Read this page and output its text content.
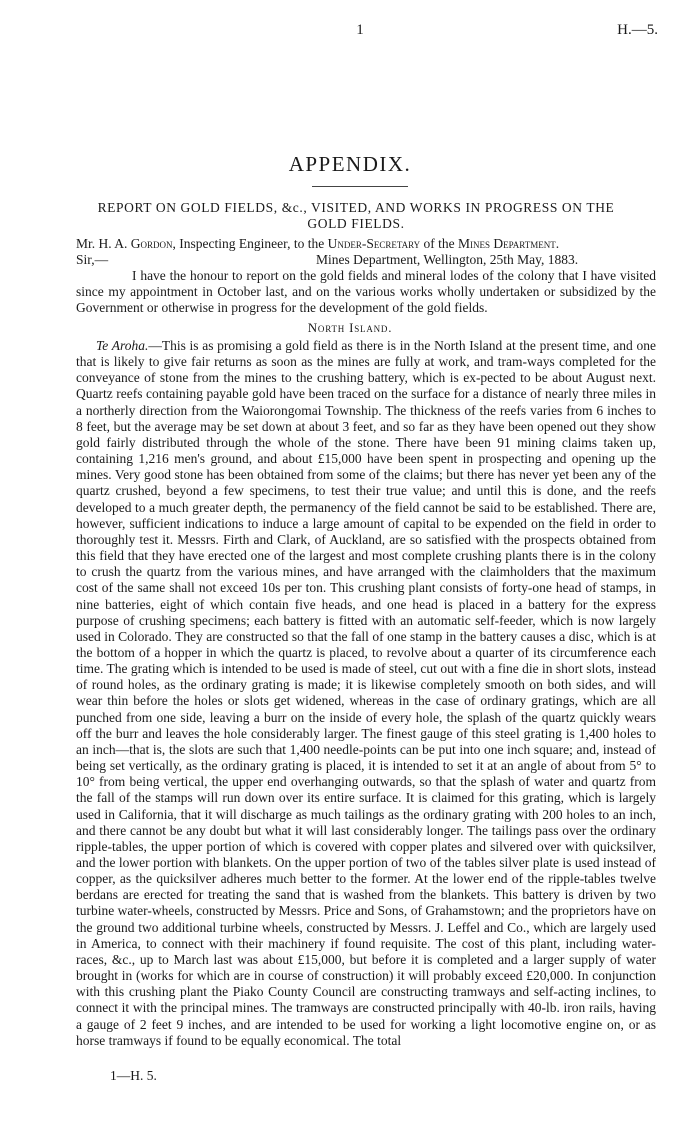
1	H.—5.
APPENDIX.
REPORT ON GOLD FIELDS, &c., VISITED, AND WORKS IN PROGRESS ON THE GOLD FIELDS.
Mr. H. A. Gordon, Inspecting Engineer, to the Under-Secretary of the Mines Department.
Sir,—	Mines Department, Wellington, 25th May, 1883.

I have the honour to report on the gold fields and mineral lodes of the colony that I have visited since my appointment in October last, and on the various works wholly undertaken or subsidized by the Government or otherwise in progress for the development of the gold fields.

North Island.

Te Aroha.—This is as promising a gold field as there is in the North Island at the present time, and one that is likely to give fair returns as soon as the mines are fully at work, and tram-ways completed for the conveyance of stone from the mines to the crushing battery, which is ex-pected to be about August next. Quartz reefs containing payable gold have been traced on the surface for a distance of nearly three miles in a northerly direction from the Waiorongomai Township. The thickness of the reefs varies from 6 inches to 8 feet, but the average may be set down at about 3 feet, and so far as they have been opened out they show gold fairly distributed through the whole of the stone. There have been 91 mining claims taken up, containing 1,216 men's ground, and about £15,000 have been spent in prospecting and opening up the mines. Very good stone has been obtained from some of the claims; but there has never yet been any of the quartz crushed, beyond a few specimens, to test their true value; and until this is done, and the reefs developed to a much greater depth, the permanency of the field cannot be said to be established. There are, however, sufficient indications to induce a large amount of capital to be expended on the field in order to thoroughly test it. Messrs. Firth and Clark, of Auckland, are so satisfied with the prospects obtained from this field that they have erected one of the largest and most complete crushing plants there is in the colony to crush the quartz from the various mines, and have arranged with the claimholders that the maximum cost of the same shall not exceed 10s per ton. This crushing plant consists of forty-one head of stamps, in nine batteries, eight of which contain five heads, and one head is placed in a battery for the express purpose of crushing specimens; each battery is fitted with an automatic self-feeder, which is now largely used in Colorado. They are constructed so that the fall of one stamp in the battery causes a disc, which is at the bottom of a hopper in which the quartz is placed, to revolve about a quarter of its circumference each time. The grating which is intended to be used is made of steel, cut out with a fine die in short slots, instead of round holes, as the ordinary grating is made; it is likewise completely smooth on both sides, and will wear thin before the holes or slots get widened, whereas in the case of ordinary gratings, which are all punched from one side, leaving a burr on the inside of every hole, the splash of the quartz quickly wears off the burr and leaves the hole considerably larger. The finest gauge of this steel grating is 1,400 holes to an inch—that is, the slots are such that 1,400 needle-points can be put into one inch square; and, instead of being set vertically, as the ordinary grating is placed, it is intended to set it at an angle of about from 5° to 10° from being vertical, the upper end overhanging outwards, so that the splash of water and quartz from the fall of the stamps will run down over its entire surface. It is claimed for this grating, which is largely used in California, that it will discharge as much tailings as the ordinary grating with 200 holes to an inch, and there cannot be any doubt but what it will last considerably longer. The tailings pass over the ordinary ripple-tables, the upper portion of which is covered with copper plates and silvered over with quicksilver, and the lower portion with blankets. On the upper portion of two of the tables silver plate is used instead of copper, as the quicksilver adheres much better to the former. At the lower end of the ripple-tables twelve berdans are erected for treating the sand that is washed from the blankets. This battery is driven by two turbine water-wheels, constructed by Messrs. Price and Sons, of Grahamstown; and the proprietors have on the ground two additional turbine wheels, constructed by Messrs. J. Leffel and Co., which are largely used in America, to connect with their machinery if found requisite. The cost of this plant, including water-races, &c., up to March last was about £15,000, but before it is completed and a larger supply of water brought in (works for which are in course of construction) it will probably exceed £20,000. In conjunction with this crushing plant the Piako County Council are constructing tramways and self-acting inclines, to connect it with the principal mines. The tramways are constructed principally with 40-lb. iron rails, having a gauge of 2 feet 9 inches, and are intended to be used for working a light locomotive engine on, or as horse tramways if found to be equally economical. The total

1—H. 5.
